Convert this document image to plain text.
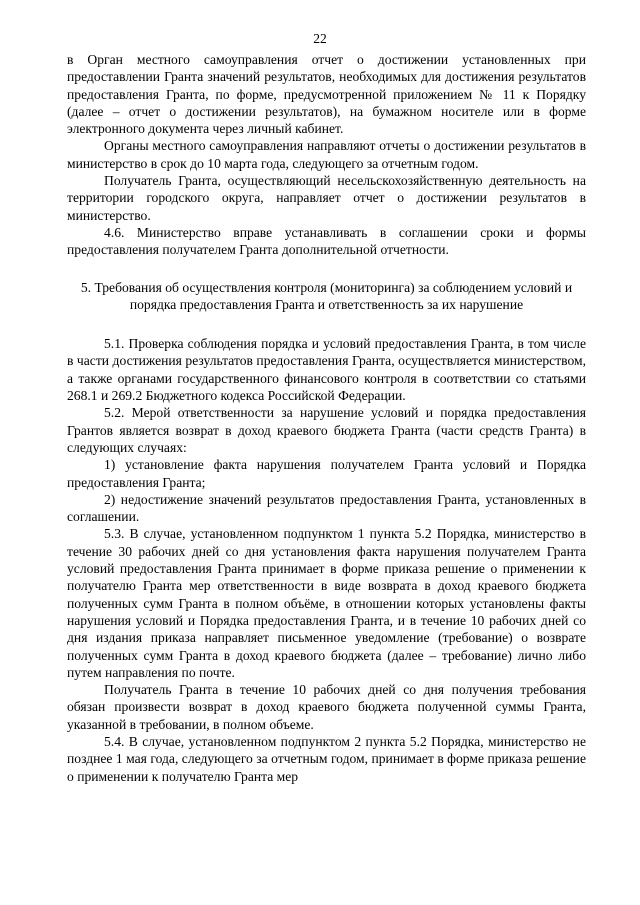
22

в Орган местного самоуправления отчет о достижении установленных при предоставлении Гранта значений результатов, необходимых для достижения результатов предоставления Гранта, по форме, предусмотренной приложением № 11 к Порядку (далее – отчет о достижении результатов), на бумажном носителе или в форме электронного документа через личный кабинет.

Органы местного самоуправления направляют отчеты о достижении результатов в министерство в срок до 10 марта года, следующего за отчетным годом.

Получатель Гранта, осуществляющий несельскохозяйственную деятельность на территории городского округа, направляет отчет о достижении результатов в министерство.

4.6. Министерство вправе устанавливать в соглашении сроки и формы предоставления получателем Гранта дополнительной отчетности.

5. Требования об осуществления контроля (мониторинга) за соблюдением условий и порядка предоставления Гранта и ответственность за их нарушение

5.1. Проверка соблюдения порядка и условий предоставления Гранта, в том числе в части достижения результатов предоставления Гранта, осуществляется министерством, а также органами государственного финансового контроля в соответствии со статьями 268.1 и 269.2 Бюджетного кодекса Российской Федерации.

5.2. Мерой ответственности за нарушение условий и порядка предоставления Грантов является возврат в доход краевого бюджета Гранта (части средств Гранта) в следующих случаях:

1) установление факта нарушения получателем Гранта условий и Порядка предоставления Гранта;

2) недостижение значений результатов предоставления Гранта, установленных в соглашении.

5.3. В случае, установленном подпунктом 1 пункта 5.2 Порядка, министерство в течение 30 рабочих дней со дня установления факта нарушения получателем Гранта условий предоставления Гранта принимает в форме приказа решение о применении к получателю Гранта мер ответственности в виде возврата в доход краевого бюджета полученных сумм Гранта в полном объёме, в отношении которых установлены факты нарушения условий и Порядка предоставления Гранта, и в течение 10 рабочих дней со дня издания приказа направляет письменное уведомление (требование) о возврате полученных сумм Гранта в доход краевого бюджета (далее – требование) лично либо путем направления по почте.

Получатель Гранта в течение 10 рабочих дней со дня получения требования обязан произвести возврат в доход краевого бюджета полученной суммы Гранта, указанной в требовании, в полном объеме.

5.4. В случае, установленном подпунктом 2 пункта 5.2 Порядка, министерство не позднее 1 мая года, следующего за отчетным годом, принимает в форме приказа решение о применении к получателю Гранта мер
